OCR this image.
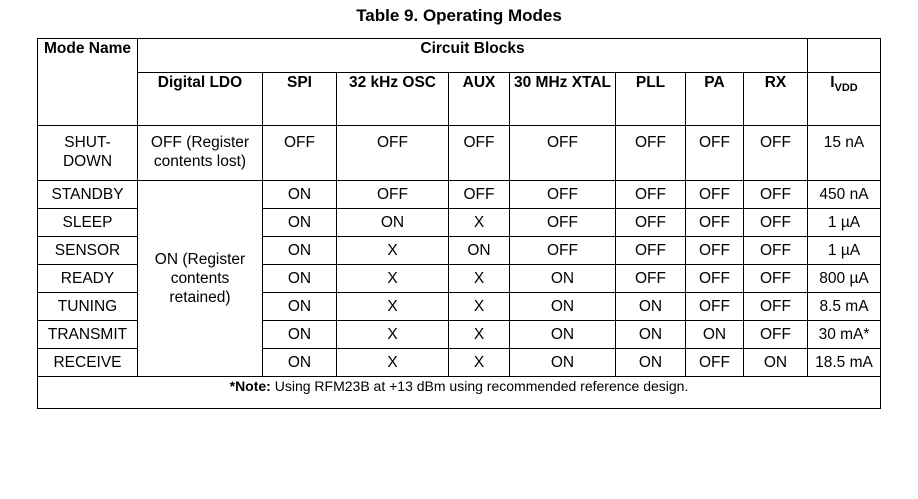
Table 9. Operating Modes
Mode Name	Circuit Blocks								
	Digital LDO	SPI	32 kHz OSC	AUX	30 MHz XTAL	PLL	PA	RX	$I_{VDD}$
SHUT-DOWN	OFF (Register contents lost)	OFF	OFF	OFF	OFF	OFF	OFF	OFF	15 nA
STANDBY	ON (Register contents retained)	ON	OFF	OFF	OFF	OFF	OFF	OFF	450 nA
SLEEP		ON	ON	X	OFF	OFF	OFF	OFF	1 µA
SENSOR		ON	X	ON	OFF	OFF	OFF	OFF	1 µA
READY		ON	X	X	ON	OFF	OFF	OFF	800 µA
TUNING		ON	X	X	ON	ON	OFF	OFF	8.5 mA
TRANSMIT		ON	X	X	ON	ON	ON	OFF	30 mA*
RECEIVE		ON	X	X	ON	ON	OFF	ON	18.5 mA
*Note: Using RFM23B at +13 dBm using recommended reference design.									
